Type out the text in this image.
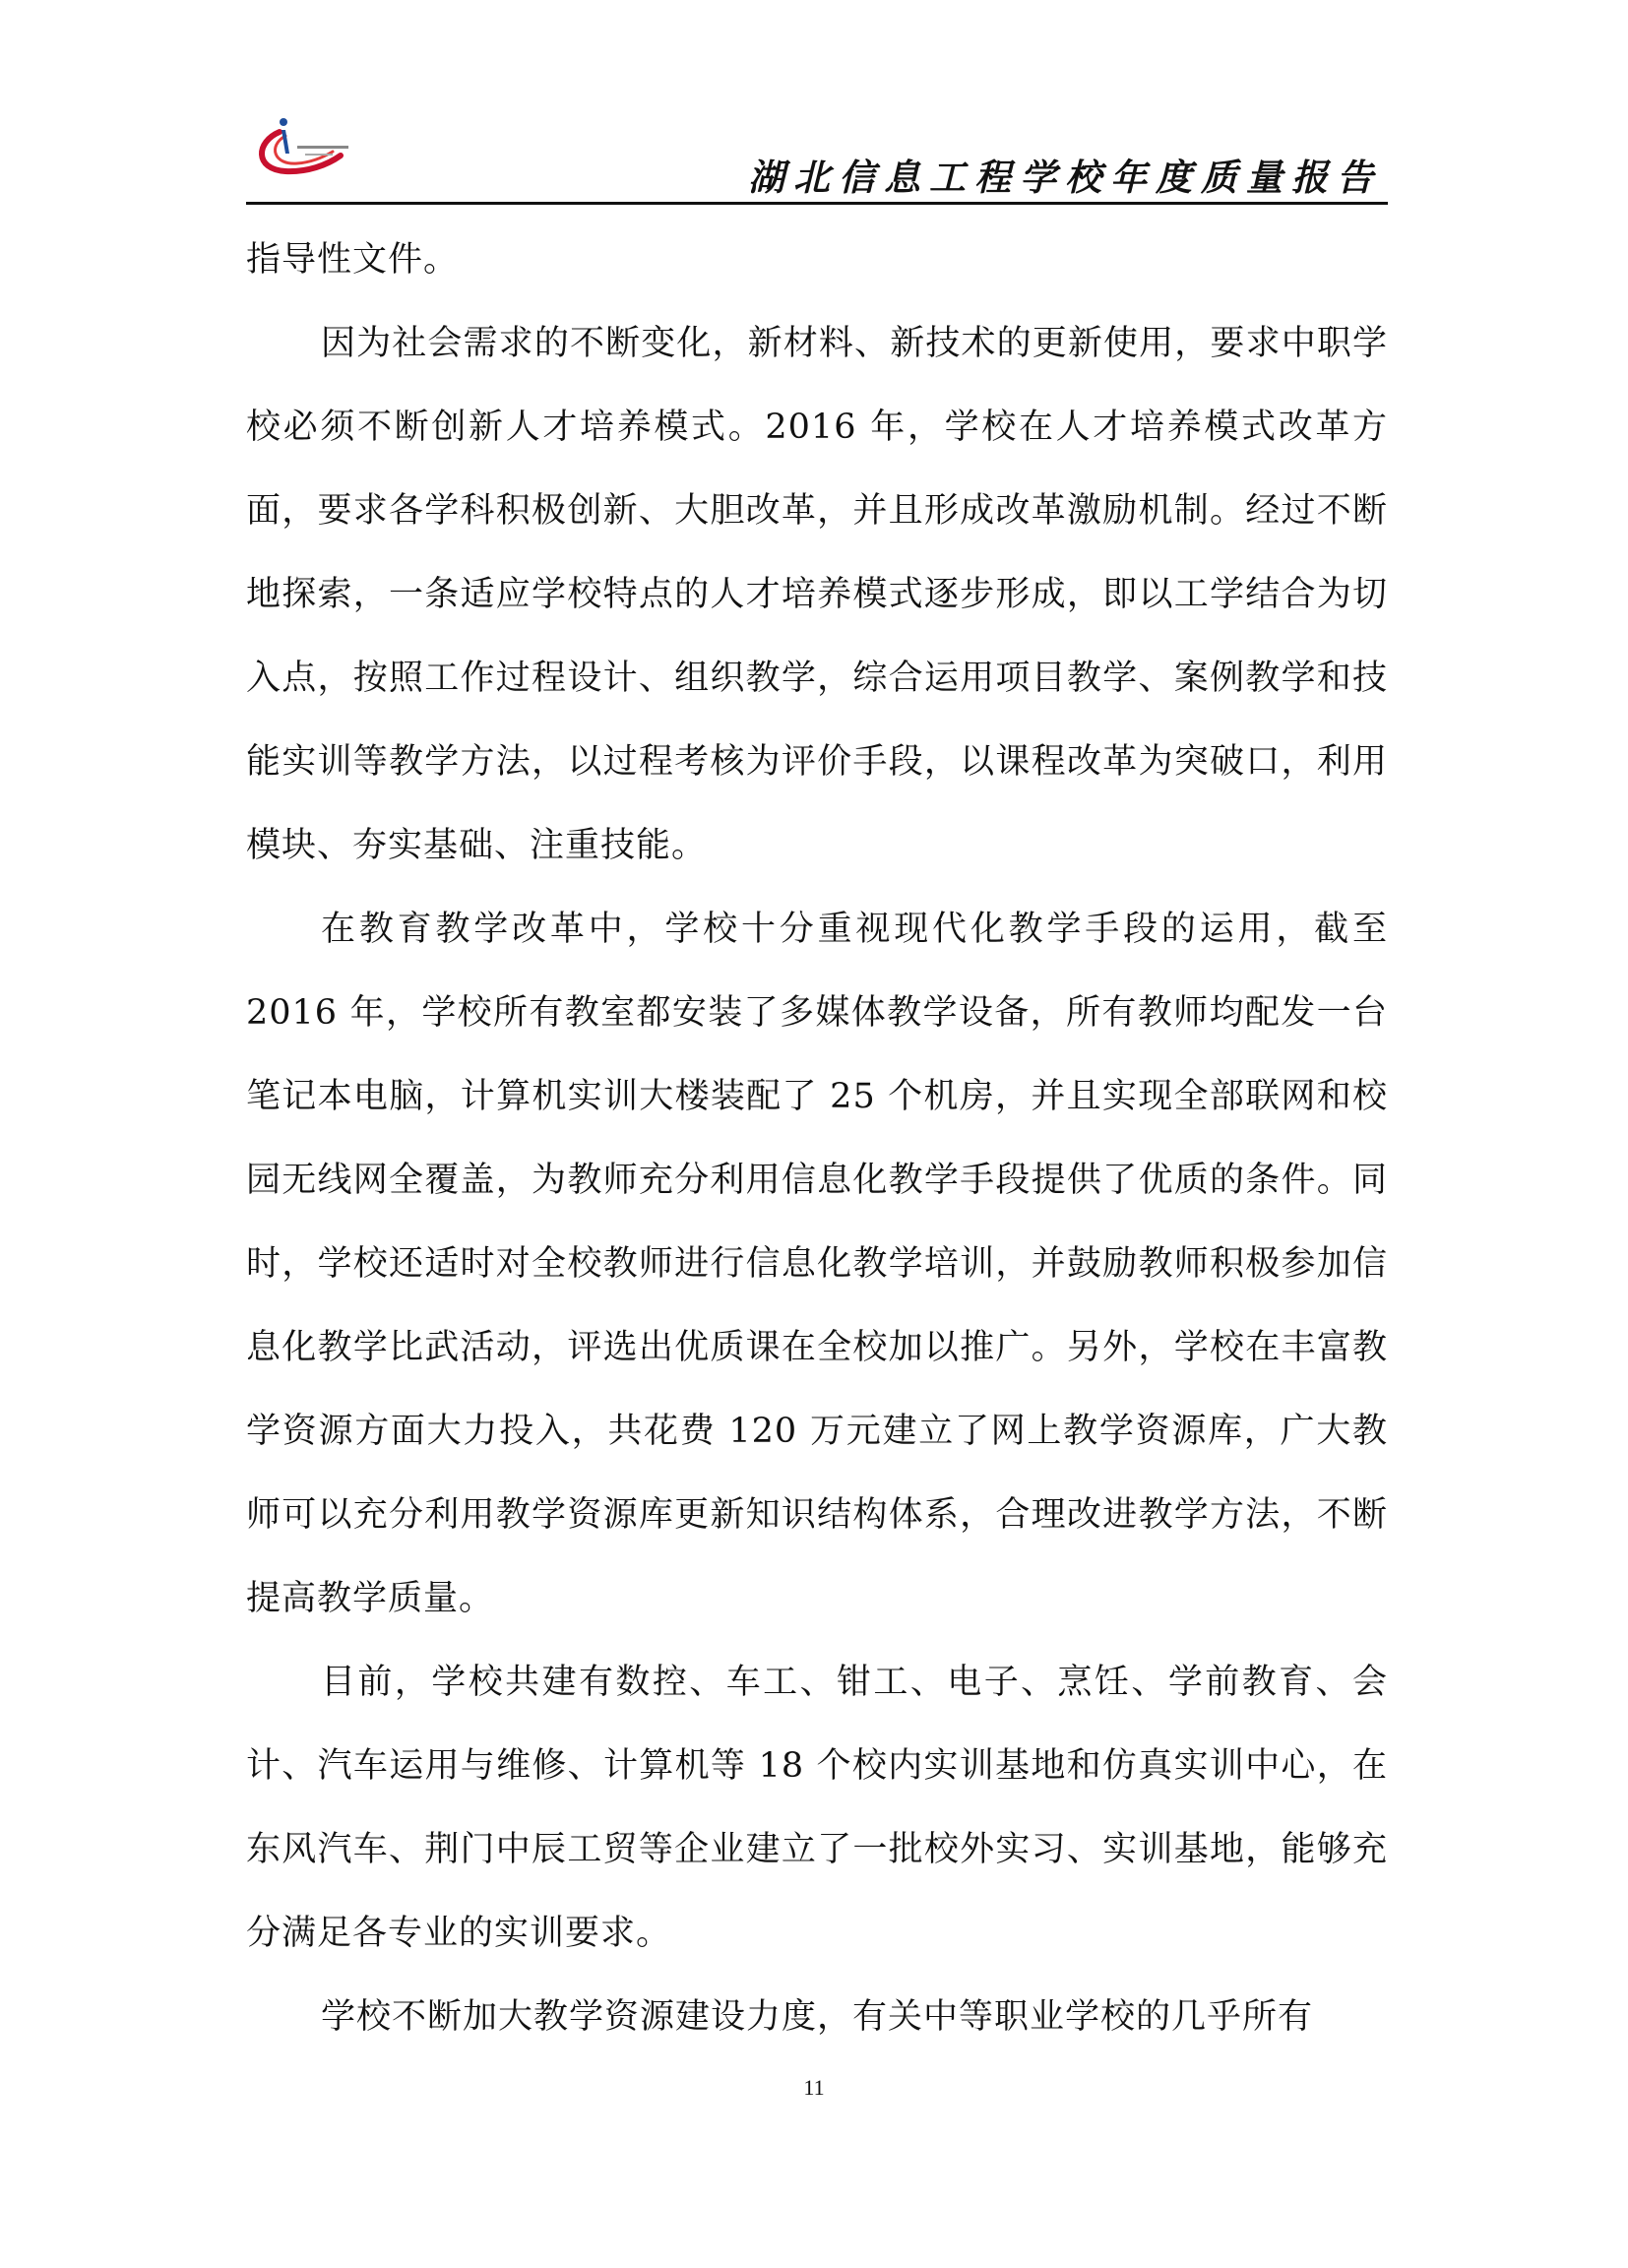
湖北信息工程学校年度质量报告

指导性文件。

因为社会需求的不断变化，新材料、新技术的更新使用，要求中职学校必须不断创新人才培养模式。2016 年，学校在人才培养模式改革方面，要求各学科积极创新、大胆改革，并且形成改革激励机制。经过不断地探索，一条适应学校特点的人才培养模式逐步形成，即以工学结合为切入点，按照工作过程设计、组织教学，综合运用项目教学、案例教学和技能实训等教学方法，以过程考核为评价手段，以课程改革为突破口，利用模块、夯实基础、注重技能。

在教育教学改革中，学校十分重视现代化教学手段的运用，截至 2016 年，学校所有教室都安装了多媒体教学设备，所有教师均配发一台笔记本电脑，计算机实训大楼装配了 25 个机房，并且实现全部联网和校园无线网全覆盖，为教师充分利用信息化教学手段提供了优质的条件。同时，学校还适时对全校教师进行信息化教学培训，并鼓励教师积极参加信息化教学比武活动，评选出优质课在全校加以推广。另外，学校在丰富教学资源方面大力投入，共花费 120 万元建立了网上教学资源库，广大教师可以充分利用教学资源库更新知识结构体系，合理改进教学方法，不断提高教学质量。

目前，学校共建有数控、车工、钳工、电子、烹饪、学前教育、会计、汽车运用与维修、计算机等 18 个校内实训基地和仿真实训中心，在东风汽车、荆门中辰工贸等企业建立了一批校外实习、实训基地，能够充分满足各专业的实训要求。

学校不断加大教学资源建设力度，有关中等职业学校的几乎所有

11
